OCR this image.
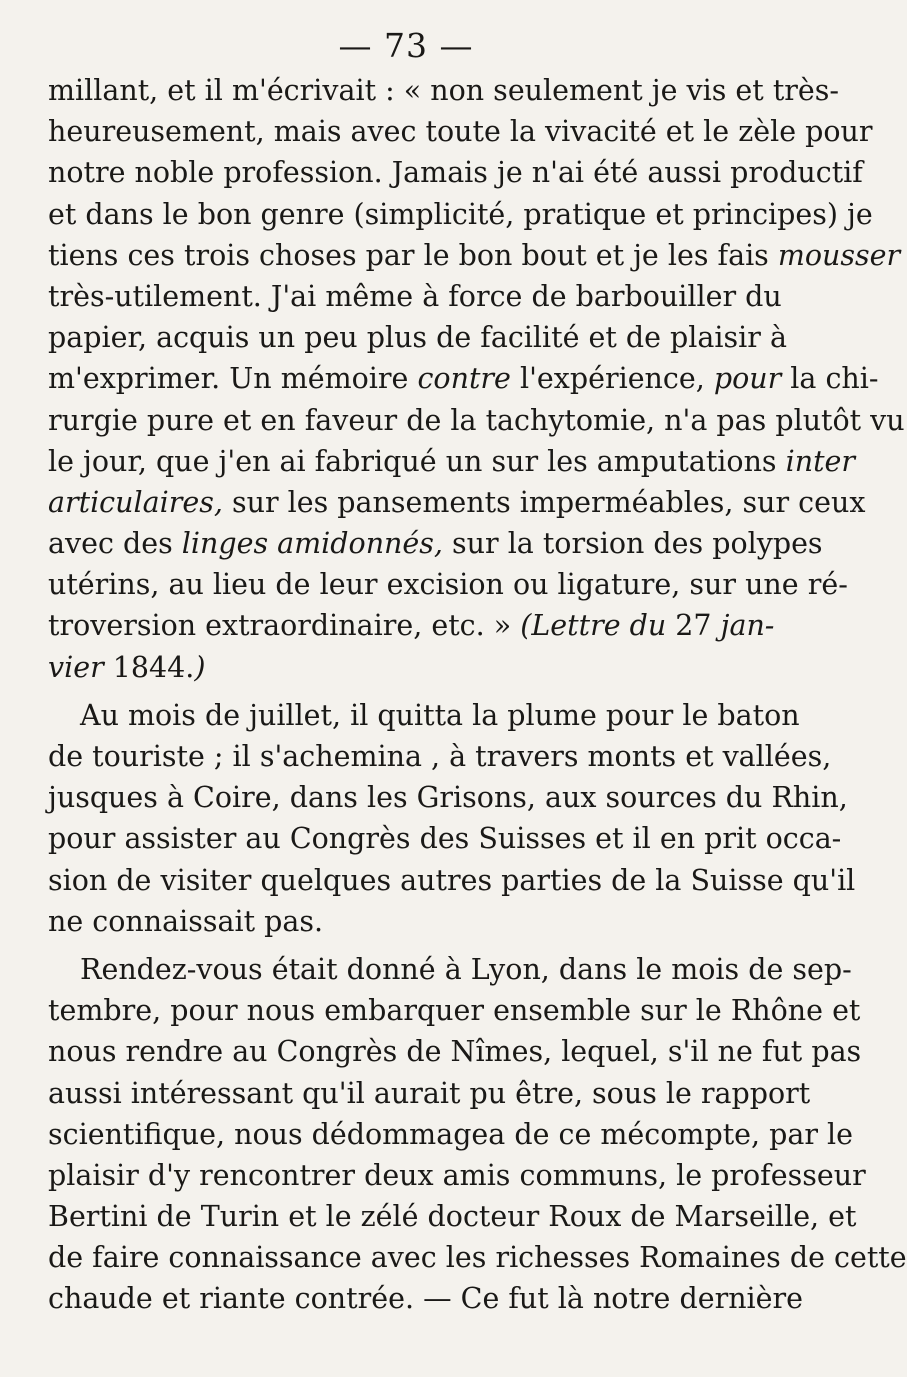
— 73 —
millant, et il m'écrivait : « non seulement je vis et très-
heureusement, mais avec toute la vivacité et le zèle pour
notre noble profession. Jamais je n'ai été aussi productif
et dans le bon genre (simplicité, pratique et principes) je
tiens ces trois choses par le bon bout et je les fais mousser
très-utilement. J'ai même à force de barbouiller du
papier, acquis un peu plus de facilité et de plaisir à
m'exprimer. Un mémoire contre l'expérience, pour la chi-
rurgie pure et en faveur de la tachytomie, n'a pas plutôt vu
le jour, que j'en ai fabriqué un sur les amputations inter
articulaires, sur les pansements imperméables, sur ceux
avec des linges amidonnés, sur la torsion des polypes
utérins, au lieu de leur excision ou ligature, sur une ré-
troversion extraordinaire, etc. » (Lettre du 27 jan-
vier 1844.)
Au mois de juillet, il quitta la plume pour le baton
de touriste ; il s'achemina , à travers monts et vallées,
jusques à Coire, dans les Grisons, aux sources du Rhin,
pour assister au Congrès des Suisses et il en prit occa-
sion de visiter quelques autres parties de la Suisse qu'il
ne connaissait pas.
Rendez-vous était donné à Lyon, dans le mois de sep-
tembre, pour nous embarquer ensemble sur le Rhône et
nous rendre au Congrès de Nîmes, lequel, s'il ne fut pas
aussi intéressant qu'il aurait pu être, sous le rapport
scientifique, nous dédommagea de ce mécompte, par le
plaisir d'y rencontrer deux amis communs, le professeur
Bertini de Turin et le zélé docteur Roux de Marseille, et
de faire connaissance avec les richesses Romaines de cette
chaude et riante contrée. — Ce fut là notre dernière
